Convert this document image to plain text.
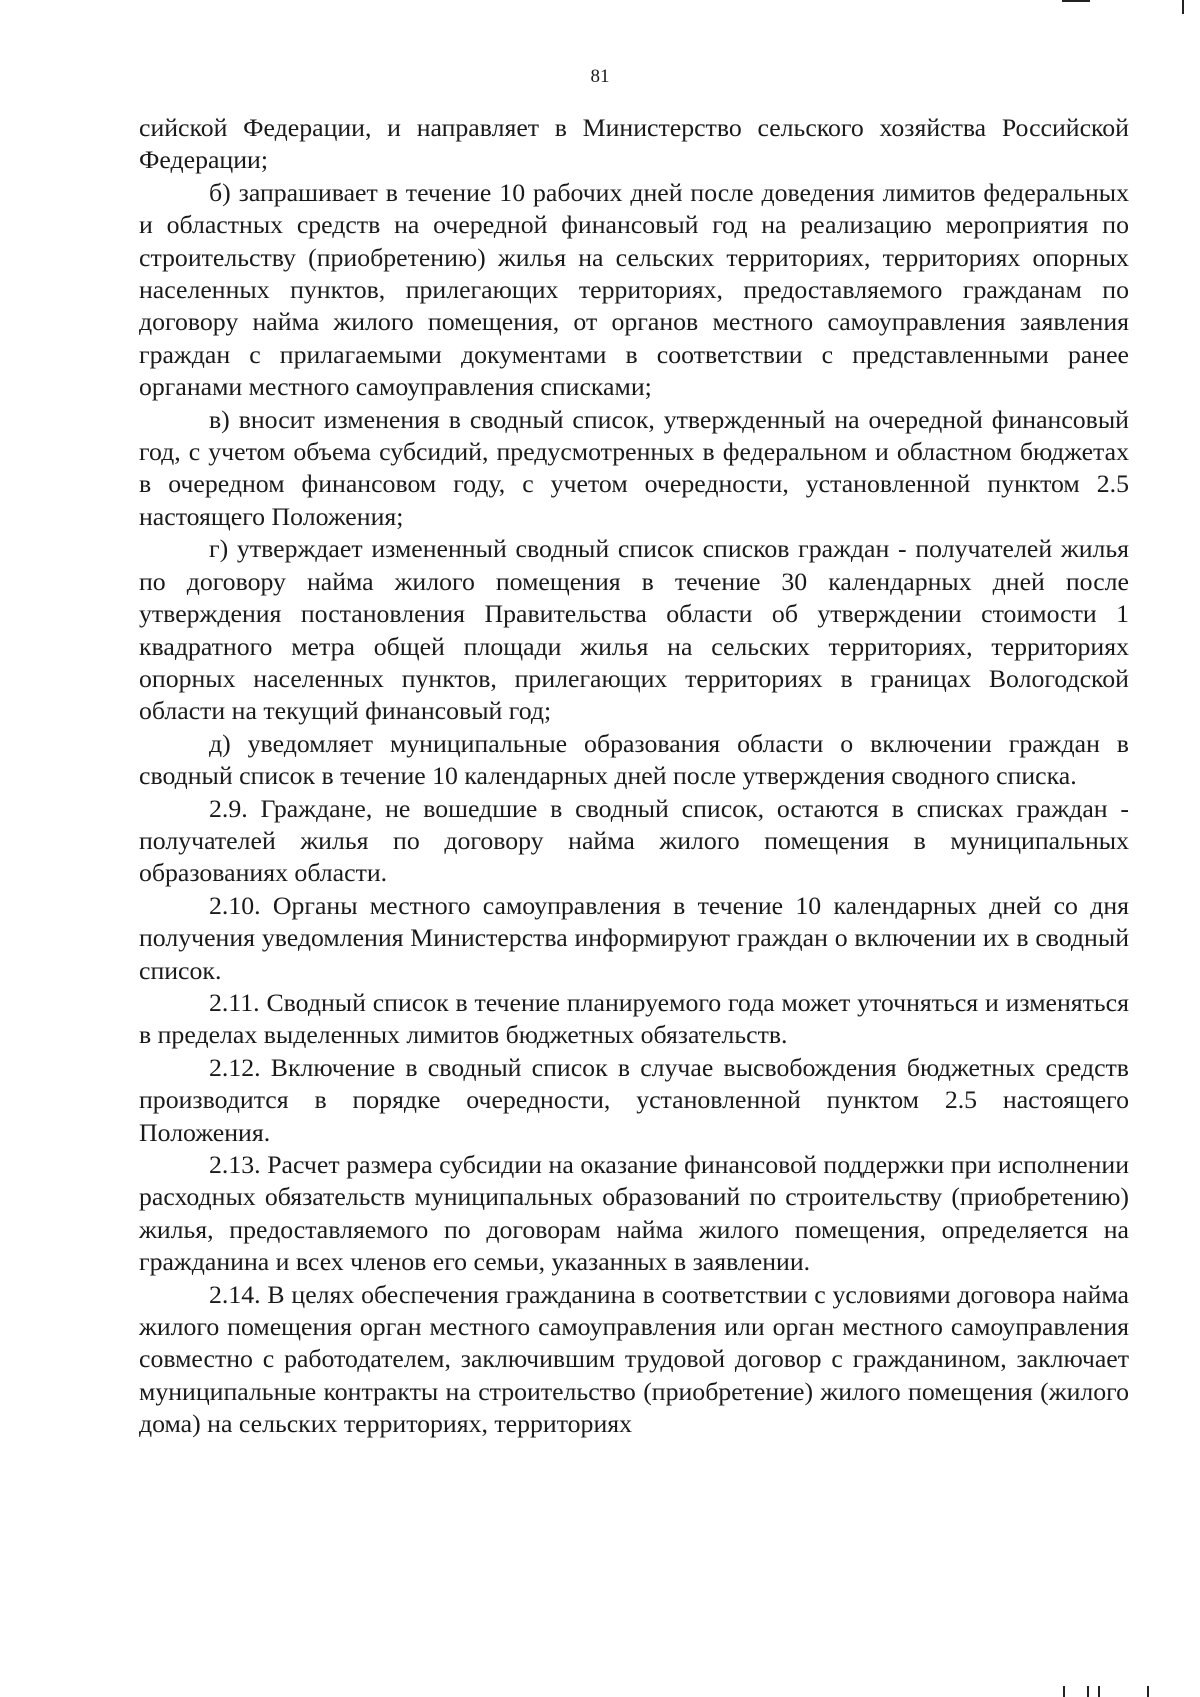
81

сийской Федерации, и направляет в Министерство сельского хозяйства Российской Федерации;

б) запрашивает в течение 10 рабочих дней после доведения лимитов федеральных и областных средств на очередной финансовый год на реализацию мероприятия по строительству (приобретению) жилья на сельских территориях, территориях опорных населенных пунктов, прилегающих территориях, предоставляемого гражданам по договору найма жилого помещения, от органов местного самоуправления заявления граждан с прилагаемыми документами в соответствии с представленными ранее органами местного самоуправления списками;

в) вносит изменения в сводный список, утвержденный на очередной финансовый год, с учетом объема субсидий, предусмотренных в федеральном и областном бюджетах в очередном финансовом году, с учетом очередности, установленной пунктом 2.5 настоящего Положения;

г) утверждает измененный сводный список списков граждан - получателей жилья по договору найма жилого помещения в течение 30 календарных дней после утверждения постановления Правительства области об утверждении стоимости 1 квадратного метра общей площади жилья на сельских территориях, территориях опорных населенных пунктов, прилегающих территориях в границах Вологодской области на текущий финансовый год;

д) уведомляет муниципальные образования области о включении граждан в сводный список в течение 10 календарных дней после утверждения сводного списка.

2.9. Граждане, не вошедшие в сводный список, остаются в списках граждан - получателей жилья по договору найма жилого помещения в муниципальных образованиях области.

2.10. Органы местного самоуправления в течение 10 календарных дней со дня получения уведомления Министерства информируют граждан о включении их в сводный список.

2.11. Сводный список в течение планируемого года может уточняться и изменяться в пределах выделенных лимитов бюджетных обязательств.

2.12. Включение в сводный список в случае высвобождения бюджетных средств производится в порядке очередности, установленной пунктом 2.5 настоящего Положения.

2.13. Расчет размера субсидии на оказание финансовой поддержки при исполнении расходных обязательств муниципальных образований по строительству (приобретению) жилья, предоставляемого по договорам найма жилого помещения, определяется на гражданина и всех членов его семьи, указанных в заявлении.

2.14. В целях обеспечения гражданина в соответствии с условиями договора найма жилого помещения орган местного самоуправления или орган местного самоуправления совместно с работодателем, заключившим трудовой договор с гражданином, заключает муниципальные контракты на строительство (приобретение) жилого помещения (жилого дома) на сельских территориях, территориях
